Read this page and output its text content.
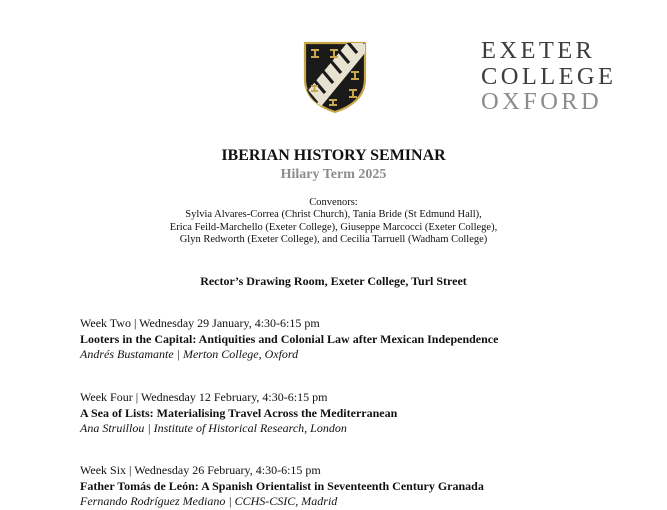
EXETER
COLLEGE
OXFORD
IBERIAN HISTORY SEMINAR
Hilary Term 2025
Convenors:
Sylvia Alvares-Correa (Christ Church), Tania Bride (St Edmund Hall),
Erica Feild-Marchello (Exeter College), Giuseppe Marcocci (Exeter College),
Glyn Redworth (Exeter College), and Cecilia Tarruell (Wadham College)
Rector’s Drawing Room, Exeter College, Turl Street
Week Two | Wednesday 29 January, 4:30-6:15 pm
Looters in the Capital: Antiquities and Colonial Law after Mexican Independence
Andrés Bustamante | Merton College, Oxford
Week Four | Wednesday 12 February, 4:30-6:15 pm
A Sea of Lists: Materialising Travel Across the Mediterranean
Ana Struillou | Institute of Historical Research, London
Week Six | Wednesday 26 February, 4:30-6:15 pm
Father Tomás de León: A Spanish Orientalist in Seventeenth Century Granada
Fernando Rodríguez Mediano | CCHS-CSIC, Madrid
